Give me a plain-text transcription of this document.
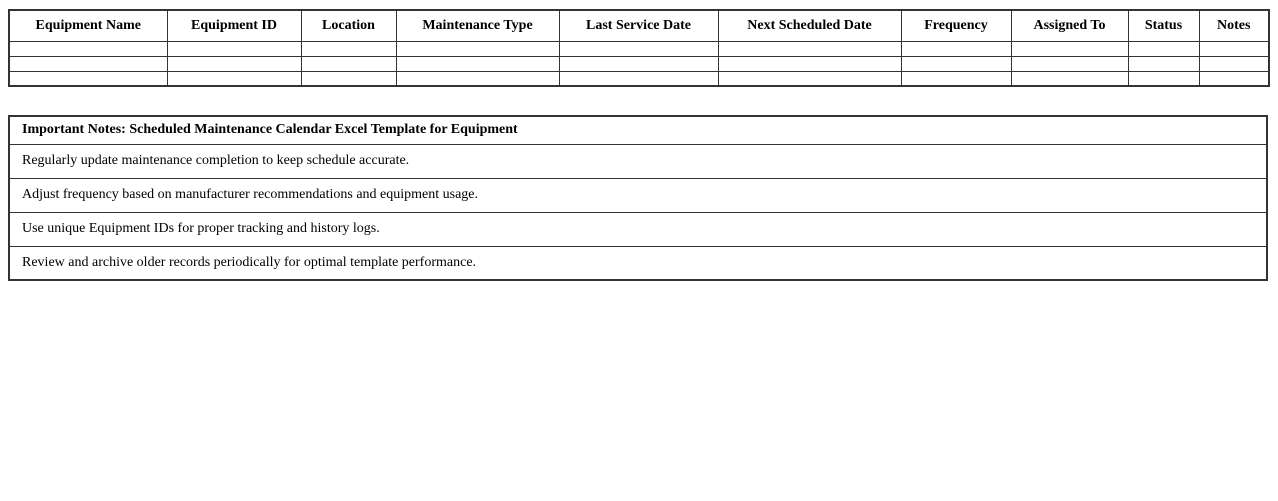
Equipment Name	Equipment ID	Location	Maintenance Type	Last Service Date	Next Scheduled Date	Frequency	Assigned To	Status	Notes

Important Notes: Scheduled Maintenance Calendar Excel Template for Equipment
Regularly update maintenance completion to keep schedule accurate.
Adjust frequency based on manufacturer recommendations and equipment usage.
Use unique Equipment IDs for proper tracking and history logs.
Review and archive older records periodically for optimal template performance.
